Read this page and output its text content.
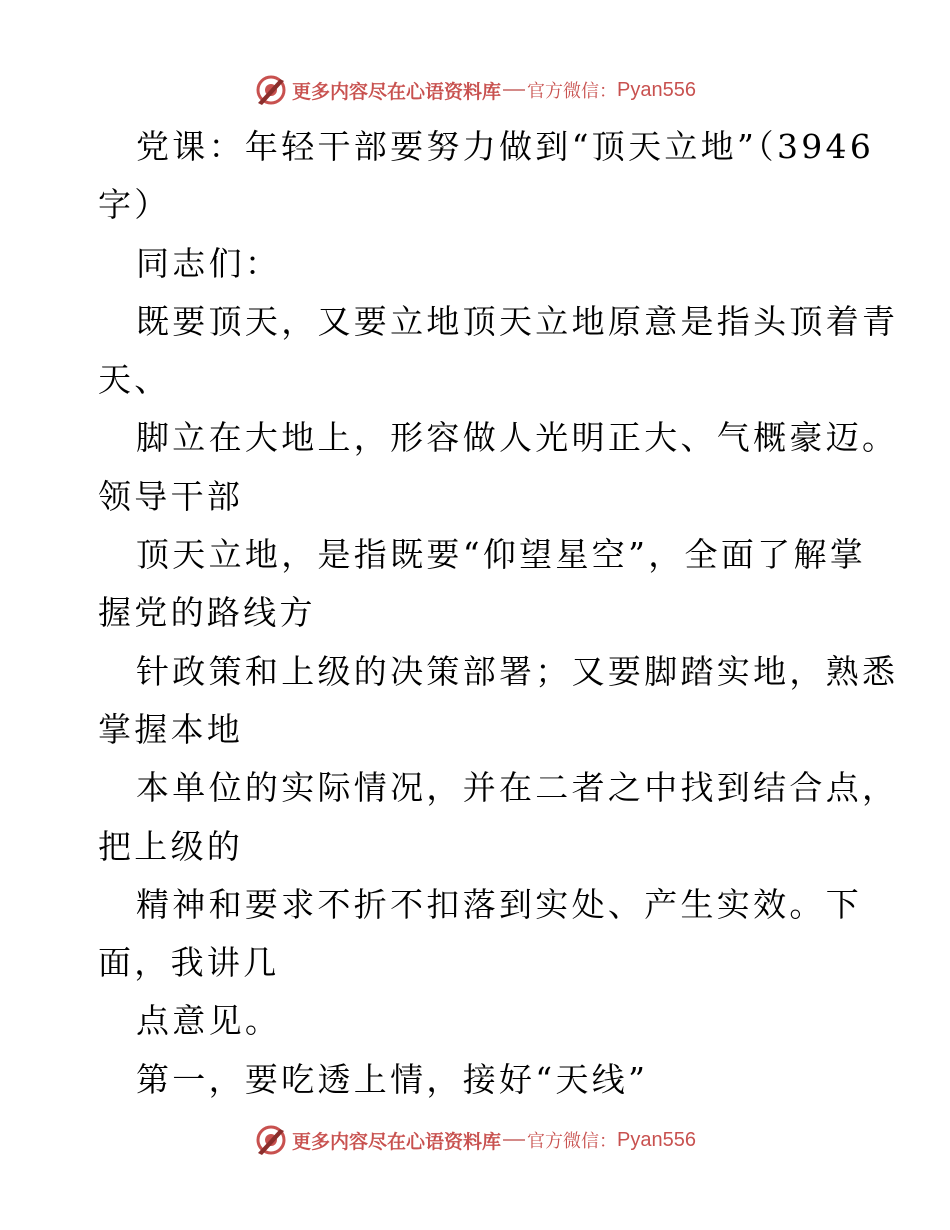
更多内容尽在心语资料库 官方微信： Pyan556
党课：年轻干部要努力做到“顶天立地”（3946
字）
同志们：
既要顶天，又要立地顶天立地原意是指头顶着青
天、
脚立在大地上，形容做人光明正大、气概豪迈。
领导干部
顶天立地，是指既要“仰望星空”，全面了解掌
握党的路线方
针政策和上级的决策部署；又要脚踏实地，熟悉
掌握本地
本单位的实际情况，并在二者之中找到结合点，
把上级的
精神和要求不折不扣落到实处、产生实效。下
面，我讲几
点意见。
第一，要吃透上情，接好“天线”
更多内容尽在心语资料库 官方微信： Pyan556
